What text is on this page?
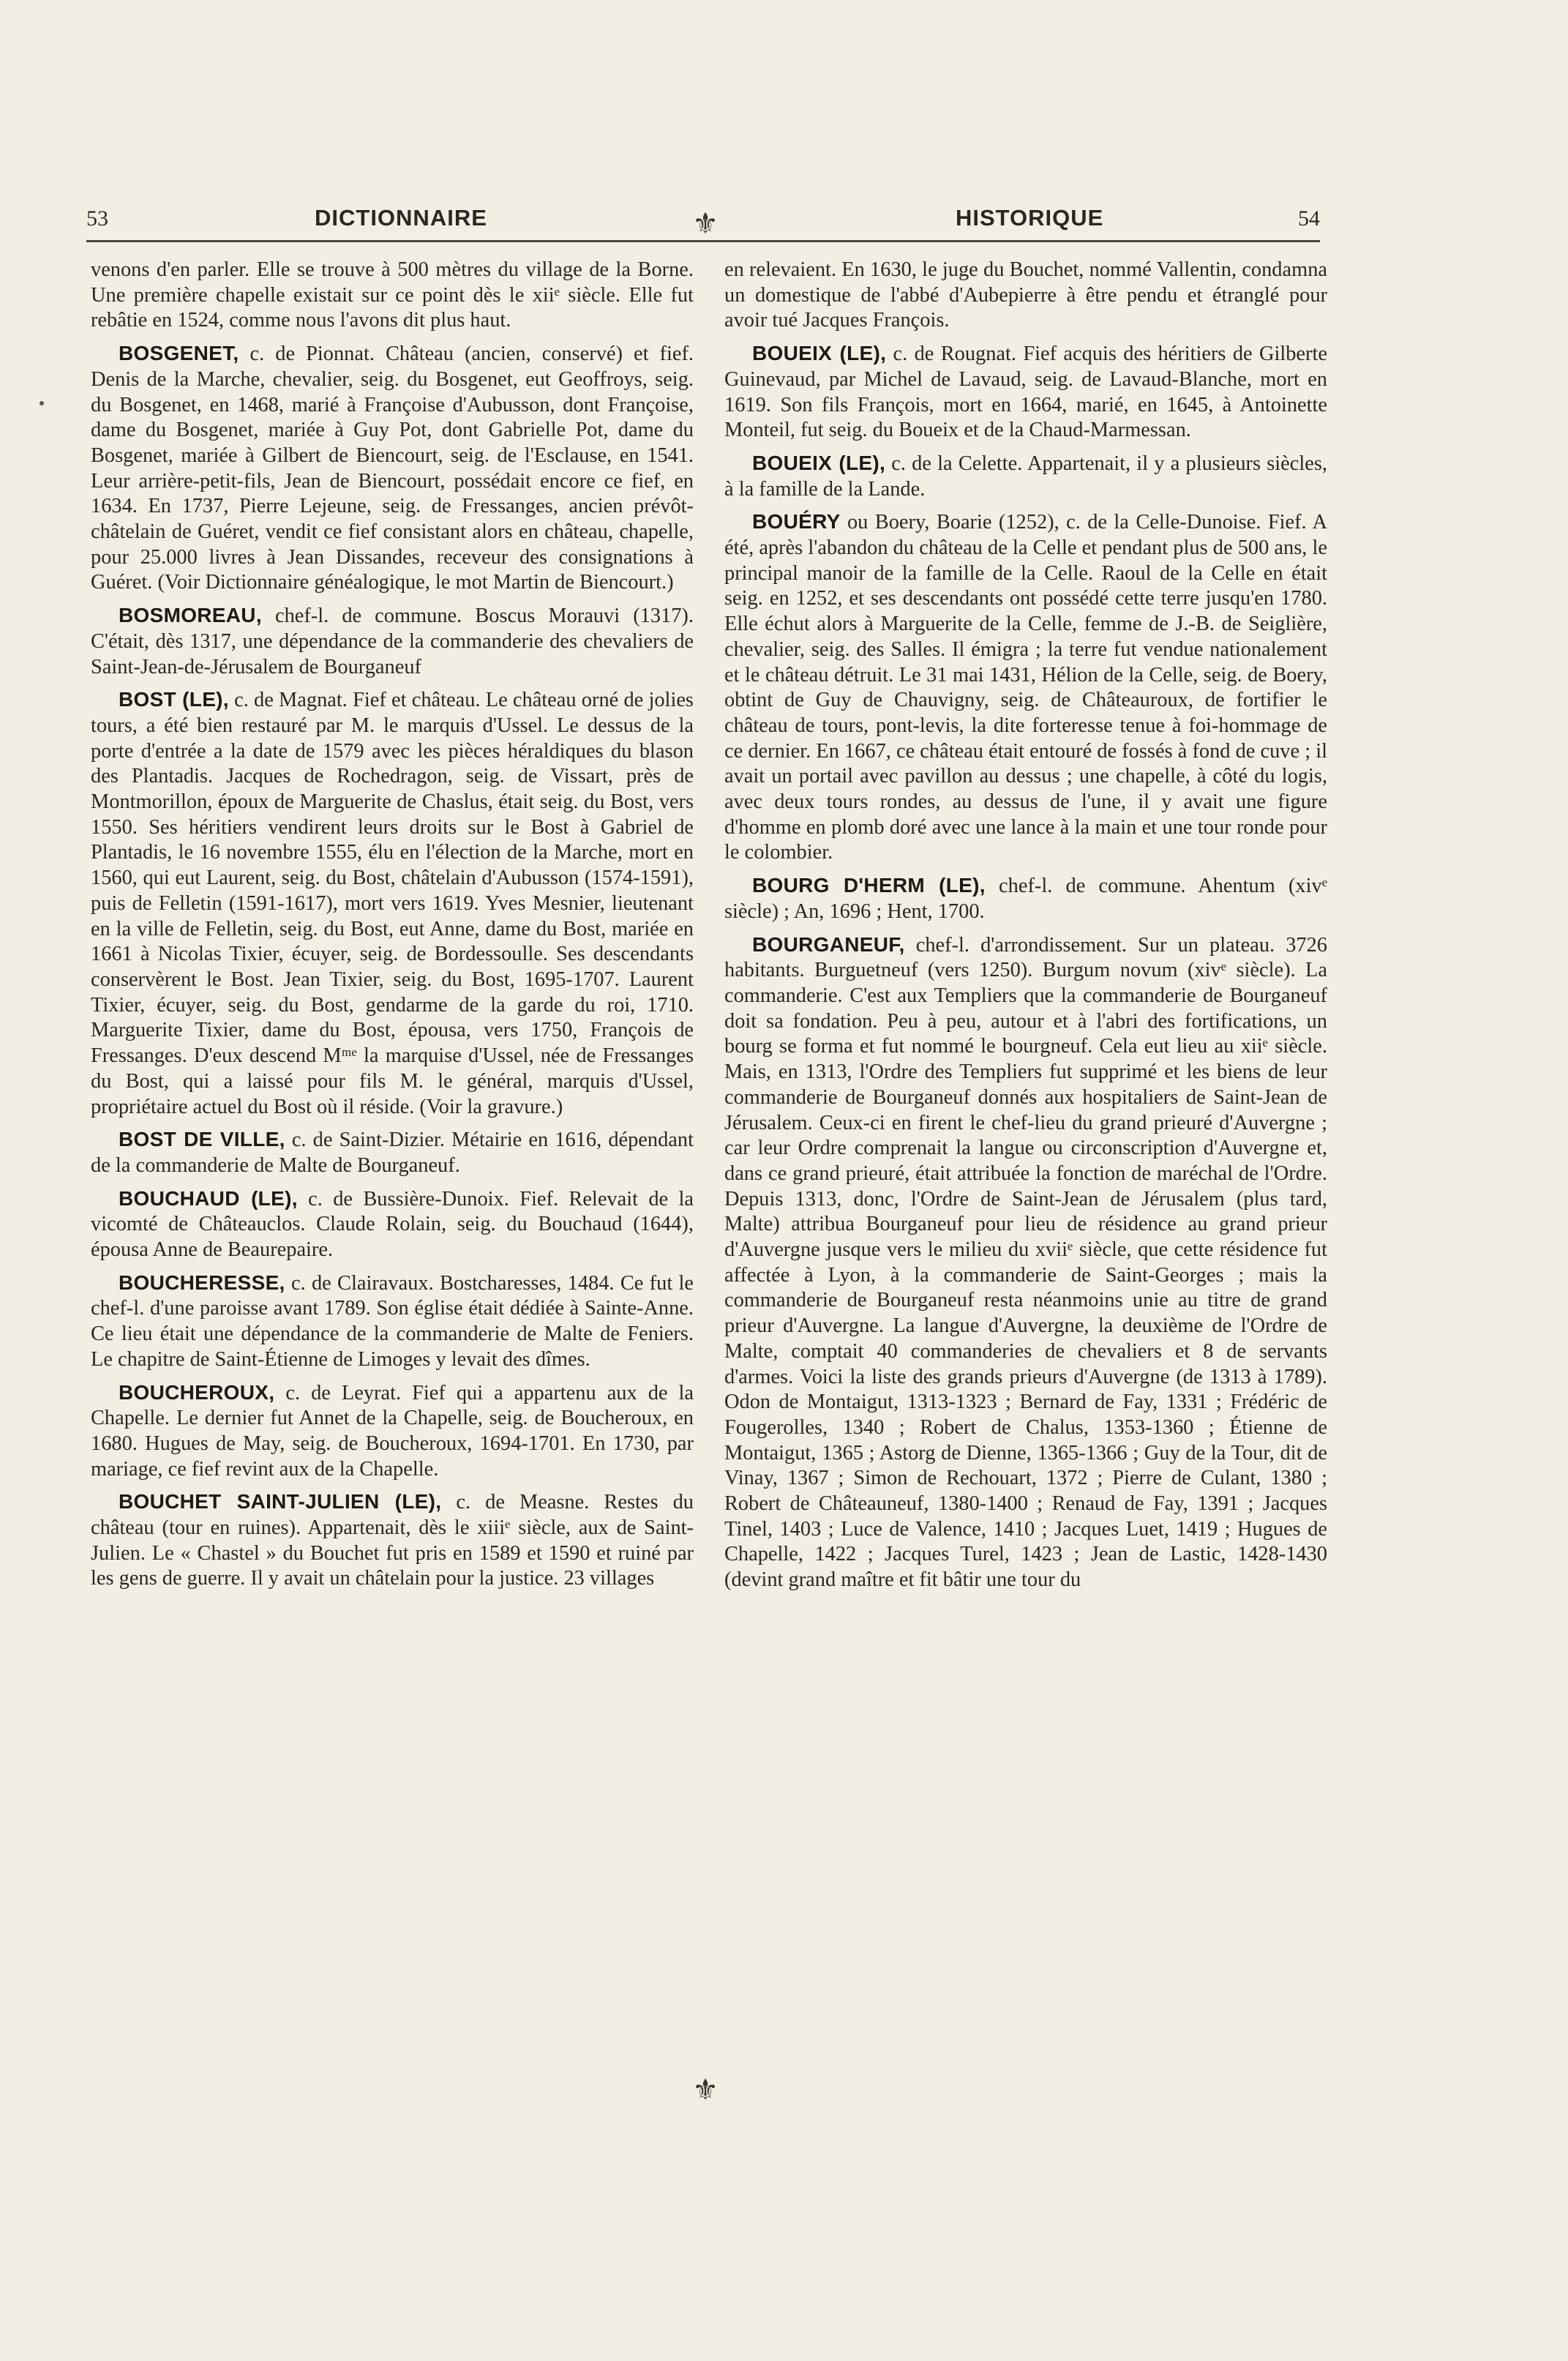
53	DICTIONNAIRE	HISTORIQUE	54
⚜
⚜

venons d'en parler. Elle se trouve à 500 mètres du village de la Borne. Une première chapelle existait sur ce point dès le xiiᵉ siècle. Elle fut rebâtie en 1524, comme nous l'avons dit plus haut.

BOSGENET, c. de Pionnat. Château (ancien, conservé) et fief. Denis de la Marche, chevalier, seig. du Bosgenet, eut Geoffroys, seig. du Bosgenet, en 1468, marié à Françoise d'Aubusson, dont Françoise, dame du Bosgenet, mariée à Guy Pot, dont Gabrielle Pot, dame du Bosgenet, mariée à Gilbert de Biencourt, seig. de l'Esclause, en 1541. Leur arrière-petit-fils, Jean de Biencourt, possédait encore ce fief, en 1634. En 1737, Pierre Lejeune, seig. de Fressanges, ancien prévôt-châtelain de Guéret, vendit ce fief consistant alors en château, chapelle, pour 25.000 livres à Jean Dissandes, receveur des consignations à Guéret. (Voir Dictionnaire généalogique, le mot Martin de Biencourt.)

BOSMOREAU, chef-l. de commune. Boscus Morauvi (1317). C'était, dès 1317, une dépendance de la commanderie des chevaliers de Saint-Jean-de-Jérusalem de Bourganeuf

BOST (LE), c. de Magnat. Fief et château. Le château orné de jolies tours, a été bien restauré par M. le marquis d'Ussel. Le dessus de la porte d'entrée a la date de 1579 avec les pièces héraldiques du blason des Plantadis. Jacques de Rochedragon, seig. de Vissart, près de Montmorillon, époux de Marguerite de Chaslus, était seig. du Bost, vers 1550. Ses héritiers vendirent leurs droits sur le Bost à Gabriel de Plantadis, le 16 novembre 1555, élu en l'élection de la Marche, mort en 1560, qui eut Laurent, seig. du Bost, châtelain d'Aubusson (1574-1591), puis de Felletin (1591-1617), mort vers 1619. Yves Mesnier, lieutenant en la ville de Felletin, seig. du Bost, eut Anne, dame du Bost, mariée en 1661 à Nicolas Tixier, écuyer, seig. de Bordessoulle. Ses descendants conservèrent le Bost. Jean Tixier, seig. du Bost, 1695-1707. Laurent Tixier, écuyer, seig. du Bost, gendarme de la garde du roi, 1710. Marguerite Tixier, dame du Bost, épousa, vers 1750, François de Fressanges. D'eux descend Mᵐᵉ la marquise d'Ussel, née de Fressanges du Bost, qui a laissé pour fils M. le général, marquis d'Ussel, propriétaire actuel du Bost où il réside. (Voir la gravure.)

BOST DE VILLE, c. de Saint-Dizier. Métairie en 1616, dépendant de la commanderie de Malte de Bourganeuf.

BOUCHAUD (LE), c. de Bussière-Dunoix. Fief. Relevait de la vicomté de Châteauclos. Claude Rolain, seig. du Bouchaud (1644), épousa Anne de Beaurepaire.

BOUCHERESSE, c. de Clairavaux. Bostcharesses, 1484. Ce fut le chef-l. d'une paroisse avant 1789. Son église était dédiée à Sainte-Anne. Ce lieu était une dépendance de la commanderie de Malte de Feniers. Le chapitre de Saint-Étienne de Limoges y levait des dîmes.

BOUCHEROUX, c. de Leyrat. Fief qui a appartenu aux de la Chapelle. Le dernier fut Annet de la Chapelle, seig. de Boucheroux, en 1680. Hugues de May, seig. de Boucheroux, 1694-1701. En 1730, par mariage, ce fief revint aux de la Chapelle.

BOUCHET SAINT-JULIEN (LE), c. de Measne. Restes du château (tour en ruines). Appartenait, dès le xiiiᵉ siècle, aux de Saint-Julien. Le « Chastel » du Bouchet fut pris en 1589 et 1590 et ruiné par les gens de guerre. Il y avait un châtelain pour la justice. 23 villages

en relevaient. En 1630, le juge du Bouchet, nommé Vallentin, condamna un domestique de l'abbé d'Aubepierre à être pendu et étranglé pour avoir tué Jacques François.

BOUEIX (LE), c. de Rougnat. Fief acquis des héritiers de Gilberte Guinevaud, par Michel de Lavaud, seig. de Lavaud-Blanche, mort en 1619. Son fils François, mort en 1664, marié, en 1645, à Antoinette Monteil, fut seig. du Boueix et de la Chaud-Marmessan.

BOUEIX (LE), c. de la Celette. Appartenait, il y a plusieurs siècles, à la famille de la Lande.

BOUÉRY ou Boery, Boarie (1252), c. de la Celle-Dunoise. Fief. A été, après l'abandon du château de la Celle et pendant plus de 500 ans, le principal manoir de la famille de la Celle. Raoul de la Celle en était seig. en 1252, et ses descendants ont possédé cette terre jusqu'en 1780. Elle échut alors à Marguerite de la Celle, femme de J.-B. de Seiglière, chevalier, seig. des Salles. Il émigra ; la terre fut vendue nationalement et le château détruit. Le 31 mai 1431, Hélion de la Celle, seig. de Boery, obtint de Guy de Chauvigny, seig. de Châteauroux, de fortifier le château de tours, pont-levis, la dite forteresse tenue à foi-hommage de ce dernier. En 1667, ce château était entouré de fossés à fond de cuve ; il avait un portail avec pavillon au dessus ; une chapelle, à côté du logis, avec deux tours rondes, au dessus de l'une, il y avait une figure d'homme en plomb doré avec une lance à la main et une tour ronde pour le colombier.

BOURG D'HERM (LE), chef-l. de commune. Ahentum (xivᵉ siècle) ; An, 1696 ; Hent, 1700.

BOURGANEUF, chef-l. d'arrondissement. Sur un plateau. 3726 habitants. Burguetneuf (vers 1250). Burgum novum (xivᵉ siècle). La commanderie. C'est aux Templiers que la commanderie de Bourganeuf doit sa fondation. Peu à peu, autour et à l'abri des fortifications, un bourg se forma et fut nommé le bourgneuf. Cela eut lieu au xiiᵉ siècle. Mais, en 1313, l'Ordre des Templiers fut supprimé et les biens de leur commanderie de Bourganeuf donnés aux hospitaliers de Saint-Jean de Jérusalem. Ceux-ci en firent le chef-lieu du grand prieuré d'Auvergne ; car leur Ordre comprenait la langue ou circonscription d'Auvergne et, dans ce grand prieuré, était attribuée la fonction de maréchal de l'Ordre. Depuis 1313, donc, l'Ordre de Saint-Jean de Jérusalem (plus tard, Malte) attribua Bourganeuf pour lieu de résidence au grand prieur d'Auvergne jusque vers le milieu du xviiᵉ siècle, que cette résidence fut affectée à Lyon, à la commanderie de Saint-Georges ; mais la commanderie de Bourganeuf resta néanmoins unie au titre de grand prieur d'Auvergne. La langue d'Auvergne, la deuxième de l'Ordre de Malte, comptait 40 commanderies de chevaliers et 8 de servants d'armes. Voici la liste des grands prieurs d'Auvergne (de 1313 à 1789). Odon de Montaigut, 1313-1323 ; Bernard de Fay, 1331 ; Frédéric de Fougerolles, 1340 ; Robert de Chalus, 1353-1360 ; Étienne de Montaigut, 1365 ; Astorg de Dienne, 1365-1366 ; Guy de la Tour, dit de Vinay, 1367 ; Simon de Rechouart, 1372 ; Pierre de Culant, 1380 ; Robert de Châteauneuf, 1380-1400 ; Renaud de Fay, 1391 ; Jacques Tinel, 1403 ; Luce de Valence, 1410 ; Jacques Luet, 1419 ; Hugues de Chapelle, 1422 ; Jacques Turel, 1423 ; Jean de Lastic, 1428-1430 (devint grand maître et fit bâtir une tour du
